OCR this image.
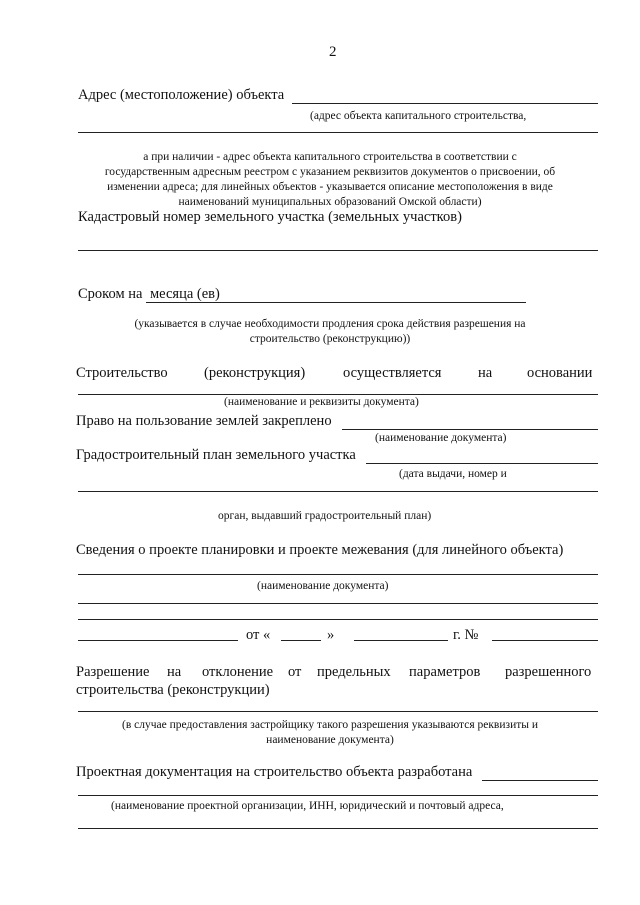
2
Адрес (местоположение) объекта
(адрес объекта капитального строительства,
а при наличии - адрес объекта капитального строительства в соответствии с
государственным адресным реестром с указанием реквизитов документов о присвоении, об
изменении адреса; для линейных объектов - указывается описание местоположения в виде
наименований муниципальных образований Омской области)
Кадастровый номер земельного участка (земельных участков)
Сроком на месяца (ев)
(указывается в случае необходимости продления срока действия разрешения на
строительство (реконструкцию))
Строительство	(реконструкция)	осуществляется	на основании
(наименование и реквизиты документа)
Право на пользование землей закреплено
(наименование документа)
Градостроительный план земельного участка
(дата выдачи, номер и
орган, выдавший градостроительный план)
Сведения о проекте планировки и проекте межевания (для линейного объекта)
(наименование документа)
от «	»	г. №
Разрешение на отклонение от предельных параметров разрешенного
строительства (реконструкции)
(в случае предоставления застройщику такого разрешения указываются реквизиты и
наименование документа)
Проектная документация на строительство объекта разработана
(наименование проектной организации, ИНН, юридический и почтовый адреса,
